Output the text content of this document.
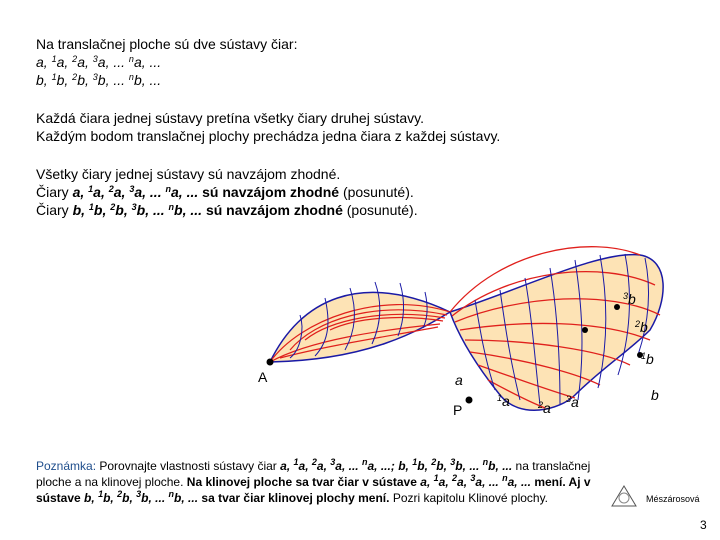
Na translačnej ploche sú dve sústavy čiar:
a, $^1$a, $^2$a, $^3$a, ... $^n$a, ...
b, $^1$b, $^2$b, $^3$b, ... $^n$b, ...
Každá čiara jednej sústavy pretína všetky čiary druhej sústavy.
Každým bodom translačnej plochy prechádza jedna čiara z každej sústavy.
Všetky čiary jednej sústavy sú navzájom zhodné.
Čiary a, $^1$a, $^2$a, $^3$a, ... $^n$a, ... sú navzájom zhodné (posunuté).
Čiary b, $^1$b, $^2$b, $^3$b, ... $^n$b, ... sú navzájom zhodné (posunuté).
A
P
a
$^1$a	$^2$a
$^3$a	b
$^1$b
$^2$b
$^3$b
Poznámka: Porovnajte vlastnosti sústavy čiar a, $^1$a, $^2$a, $^3$a, ... $^n$a, ...; b, $^1$b, $^2$b, $^3$b, ... $^n$b, ... na translačnej ploche a na klinovej ploche. Na klinovej ploche sa tvar čiar v sústave a, $^1$a, $^2$a, $^3$a, ... $^n$a, ... mení. Aj v sústave b, $^1$b, $^2$b, $^3$b, ... $^n$b, ... sa tvar čiar klinovej plochy mení. Pozri kapitolu Klinové plochy.	Mészárosová
3
